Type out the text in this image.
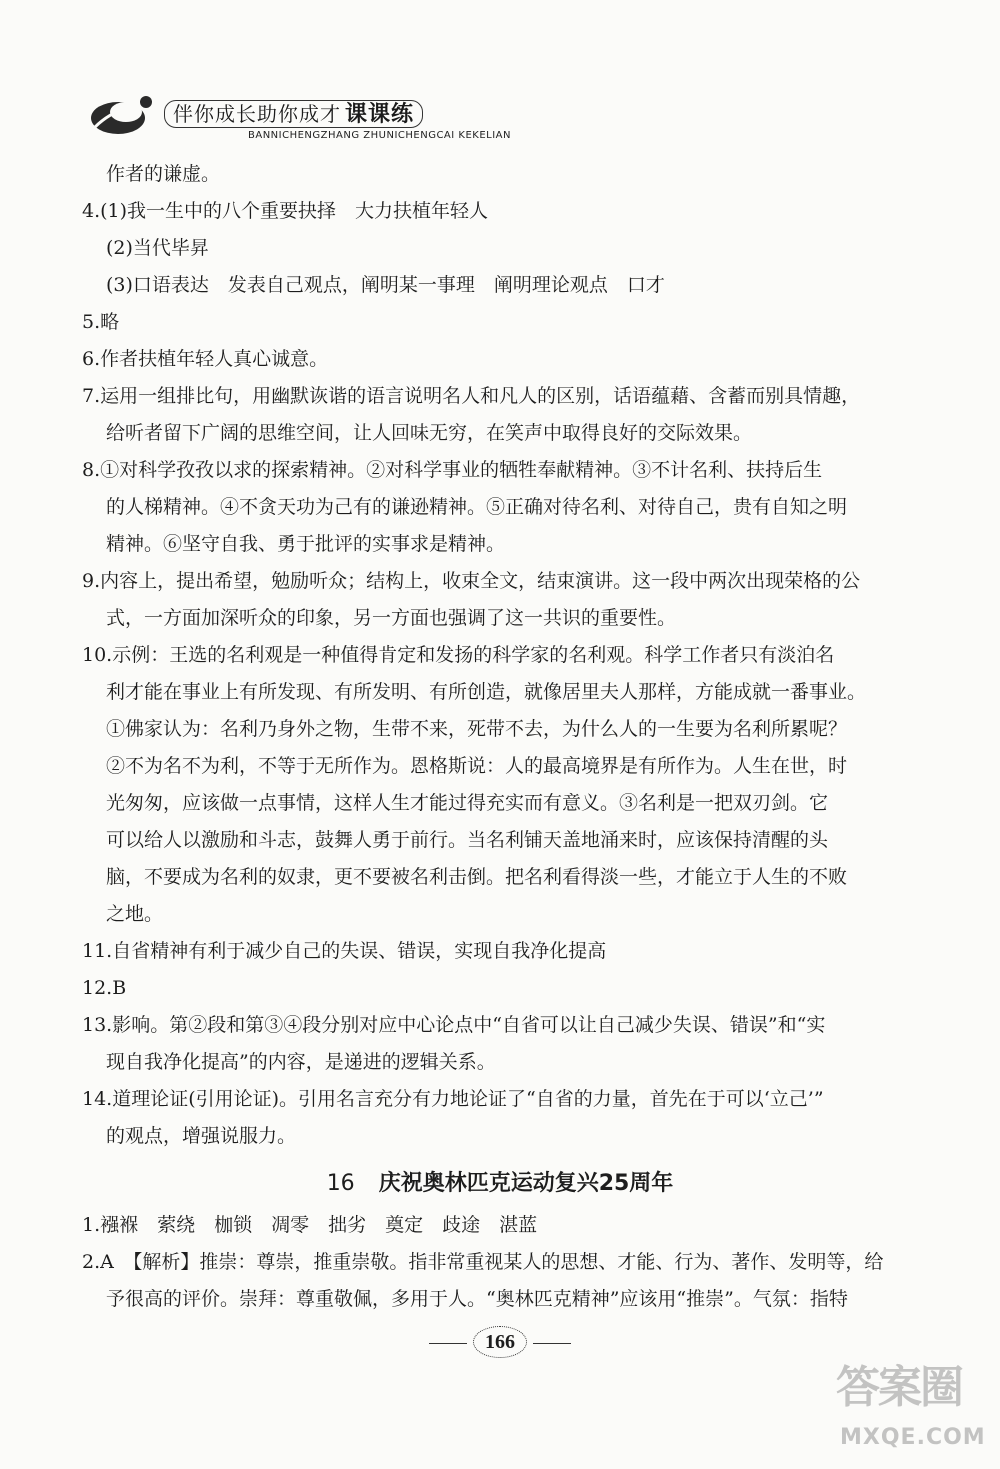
伴你成长助你成才 课课练
BANNICHENGZHANG ZHUNICHENGCAI KEKELIAN
作者的谦虚。
4.(1)我一生中的八个重要抉择　大力扶植年轻人
(2)当代毕昇
(3)口语表达　发表自己观点，阐明某一事理　阐明理论观点　口才
5.略
6.作者扶植年轻人真心诚意。
7.运用一组排比句，用幽默诙谐的语言说明名人和凡人的区别，话语蕴藉、含蓄而别具情趣，
给听者留下广阔的思维空间，让人回味无穷，在笑声中取得良好的交际效果。
8.①对科学孜孜以求的探索精神。②对科学事业的牺牲奉献精神。③不计名利、扶持后生
的人梯精神。④不贪天功为己有的谦逊精神。⑤正确对待名利、对待自己，贵有自知之明
精神。⑥坚守自我、勇于批评的实事求是精神。
9.内容上，提出希望，勉励听众；结构上，收束全文，结束演讲。这一段中两次出现荣格的公
式，一方面加深听众的印象，另一方面也强调了这一共识的重要性。
10.示例：王选的名利观是一种值得肯定和发扬的科学家的名利观。科学工作者只有淡泊名
利才能在事业上有所发现、有所发明、有所创造，就像居里夫人那样，方能成就一番事业。
①佛家认为：名利乃身外之物，生带不来，死带不去，为什么人的一生要为名利所累呢？
②不为名不为利，不等于无所作为。恩格斯说：人的最高境界是有所作为。人生在世，时
光匆匆，应该做一点事情，这样人生才能过得充实而有意义。③名利是一把双刃剑。它
可以给人以激励和斗志，鼓舞人勇于前行。当名利铺天盖地涌来时，应该保持清醒的头
脑，不要成为名利的奴隶，更不要被名利击倒。把名利看得淡一些，才能立于人生的不败
之地。
11.自省精神有利于减少自己的失误、错误，实现自我净化提高
12.B
13.影响。第②段和第③④段分别对应中心论点中“自省可以让自己减少失误、错误”和“实
现自我净化提高”的内容，是递进的逻辑关系。
14.道理论证(引用论证)。引用名言充分有力地论证了“自省的力量，首先在于可以‘立己’”
的观点，增强说服力。
16 庆祝奥林匹克运动复兴25周年
1.襁褓　萦绕　枷锁　凋零　拙劣　奠定　歧途　湛蓝
2.A　【解析】推崇：尊崇，推重崇敬。指非常重视某人的思想、才能、行为、著作、发明等，给
予很高的评价。崇拜：尊重敬佩，多用于人。“奥林匹克精神”应该用“推崇”。气氛：指特
166
答案圈
MXQE.COM
